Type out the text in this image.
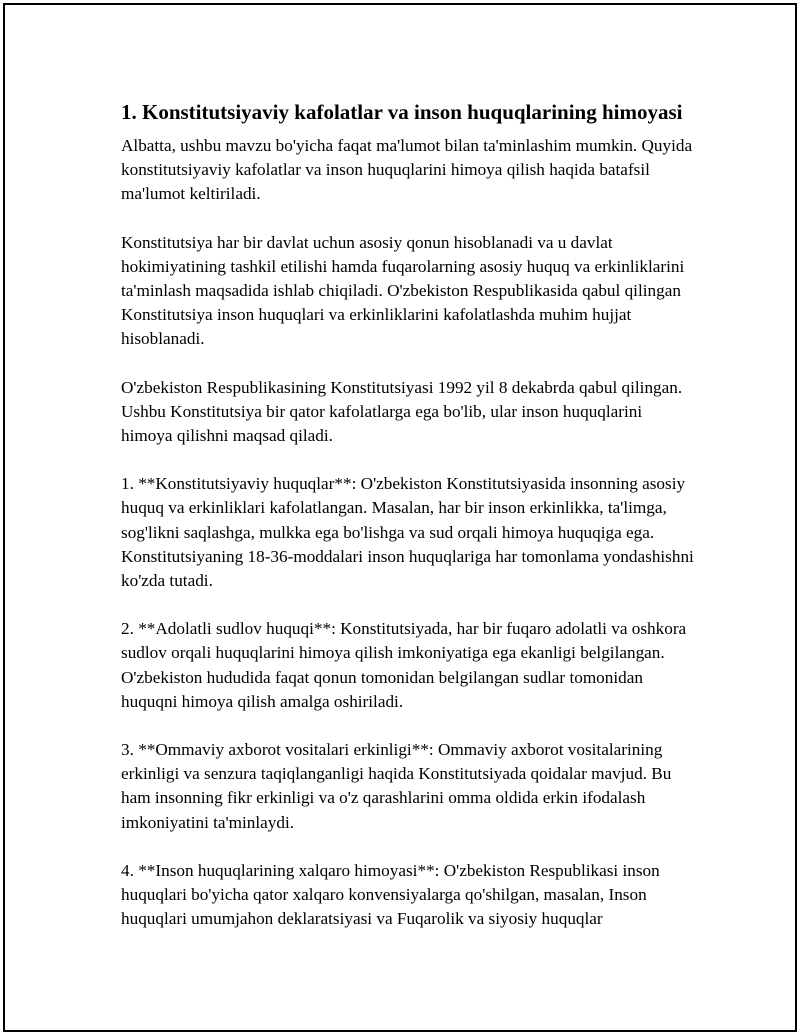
1. Konstitutsiyaviy kafolatlar va inson huquqlarining himoyasi

Albatta, ushbu mavzu bo'yicha faqat ma'lumot bilan ta'minlashim mumkin. Quyida konstitutsiyaviy kafolatlar va inson huquqlarini himoya qilish haqida batafsil ma'lumot keltiriladi.

Konstitutsiya har bir davlat uchun asosiy qonun hisoblanadi va u davlat hokimiyatining tashkil etilishi hamda fuqarolarning asosiy huquq va erkinliklarini ta'minlash maqsadida ishlab chiqiladi. O'zbekiston Respublikasida qabul qilingan Konstitutsiya inson huquqlari va erkinliklarini kafolatlashda muhim hujjat hisoblanadi.

O'zbekiston Respublikasining Konstitutsiyasi 1992 yil 8 dekabrda qabul qilingan. Ushbu Konstitutsiya bir qator kafolatlarga ega bo'lib, ular inson huquqlarini himoya qilishni maqsad qiladi.

1. **Konstitutsiyaviy huquqlar**: O'zbekiston Konstitutsiyasida insonning asosiy huquq va erkinliklari kafolatlangan. Masalan, har bir inson erkinlikka, ta'limga, sog'likni saqlashga, mulkka ega bo'lishga va sud orqali himoya huquqiga ega. Konstitutsiyaning 18-36-moddalari inson huquqlariga har tomonlama yondashishni ko'zda tutadi.

2. **Adolatli sudlov huquqi**: Konstitutsiyada, har bir fuqaro adolatli va oshkora sudlov orqali huquqlarini himoya qilish imkoniyatiga ega ekanligi belgilangan. O'zbekiston hududida faqat qonun tomonidan belgilangan sudlar tomonidan huquqni himoya qilish amalga oshiriladi.

3. **Ommaviy axborot vositalari erkinligi**: Ommaviy axborot vositalarining erkinligi va senzura taqiqlanganligi haqida Konstitutsiyada qoidalar mavjud. Bu ham insonning fikr erkinligi va o'z qarashlarini omma oldida erkin ifodalash imkoniyatini ta'minlaydi.

4. **Inson huquqlarining xalqaro himoyasi**: O'zbekiston Respublikasi inson huquqlari bo'yicha qator xalqaro konvensiyalarga qo'shilgan, masalan, Inson huquqlari umumjahon deklaratsiyasi va Fuqarolik va siyosiy huquqlar
